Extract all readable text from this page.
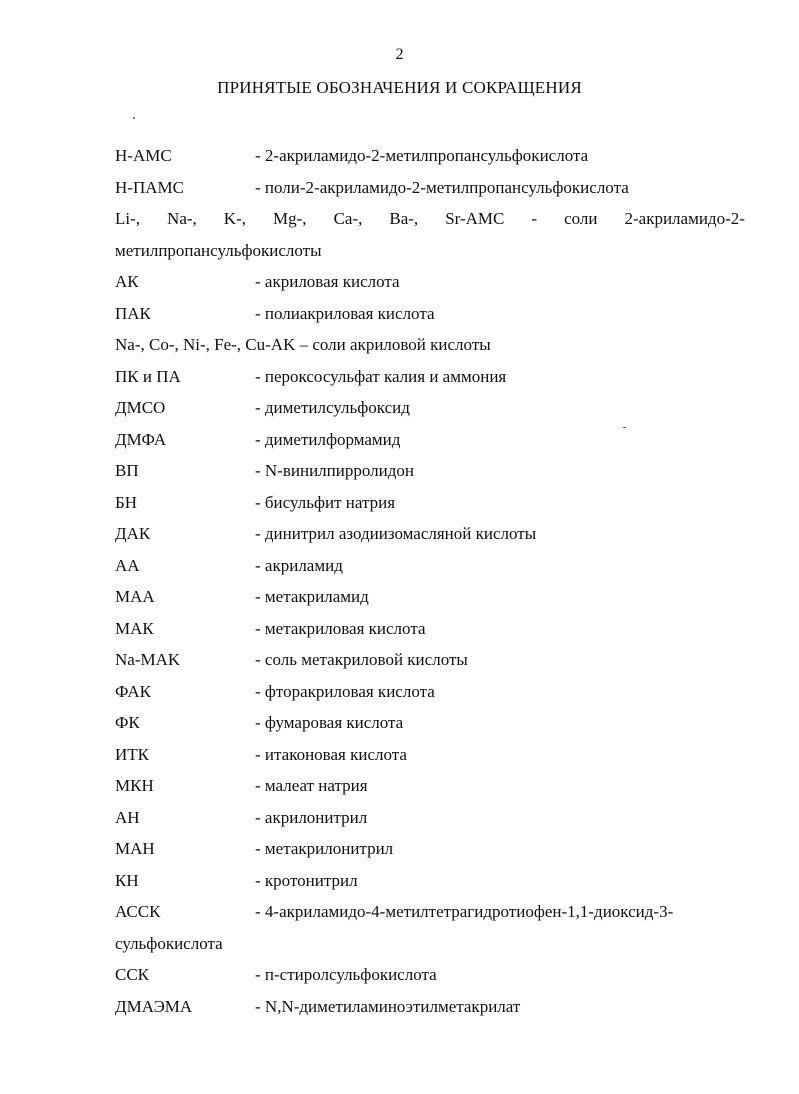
2
ПРИНЯТЫЕ ОБОЗНАЧЕНИЯ И СОКРАЩЕНИЯ
Н-АМС	- 2-акриламидо-2-метилпропансульфокислота
Н-ПАМС	- поли-2-акриламидо-2-метилпропансульфокислота
Li-, Na-, K-, Mg-, Ca-, Ba-, Sr-AMC - соли 2-акриламидо-2-
метилпропансульфокислоты
АК	- акриловая кислота
ПАК	- полиакриловая кислота
Na-, Co-, Ni-, Fe-, Cu-AK – соли акриловой кислоты
ПК и ПА	- пероксосульфат калия и аммония
ДМСО	- диметилсульфоксид
ДМФА	- диметилформамид
ВП	- N-винилпирролидон
БН	- бисульфит натрия
ДАК	- динитрил азодиизомасляной кислоты
АА	- акриламид
МАА	- метакриламид
МАК	- метакриловая кислота
Na-MAK	- соль метакриловой кислоты
ФАК	- фторакриловая кислота
ФК	- фумаровая кислота
ИТК	- итаконовая кислота
МКН	- малеат натрия
АН	- акрилонитрил
МАН	- метакрилонитрил
КН	- кротонитрил
АССК	- 4-акриламидо-4-метилтетрагидротиофен-1,1-диоксид-3-
сульфокислота
ССК	- п-стиролсульфокислота
ДМАЭМА	- N,N-диметиламиноэтилметакрилат
